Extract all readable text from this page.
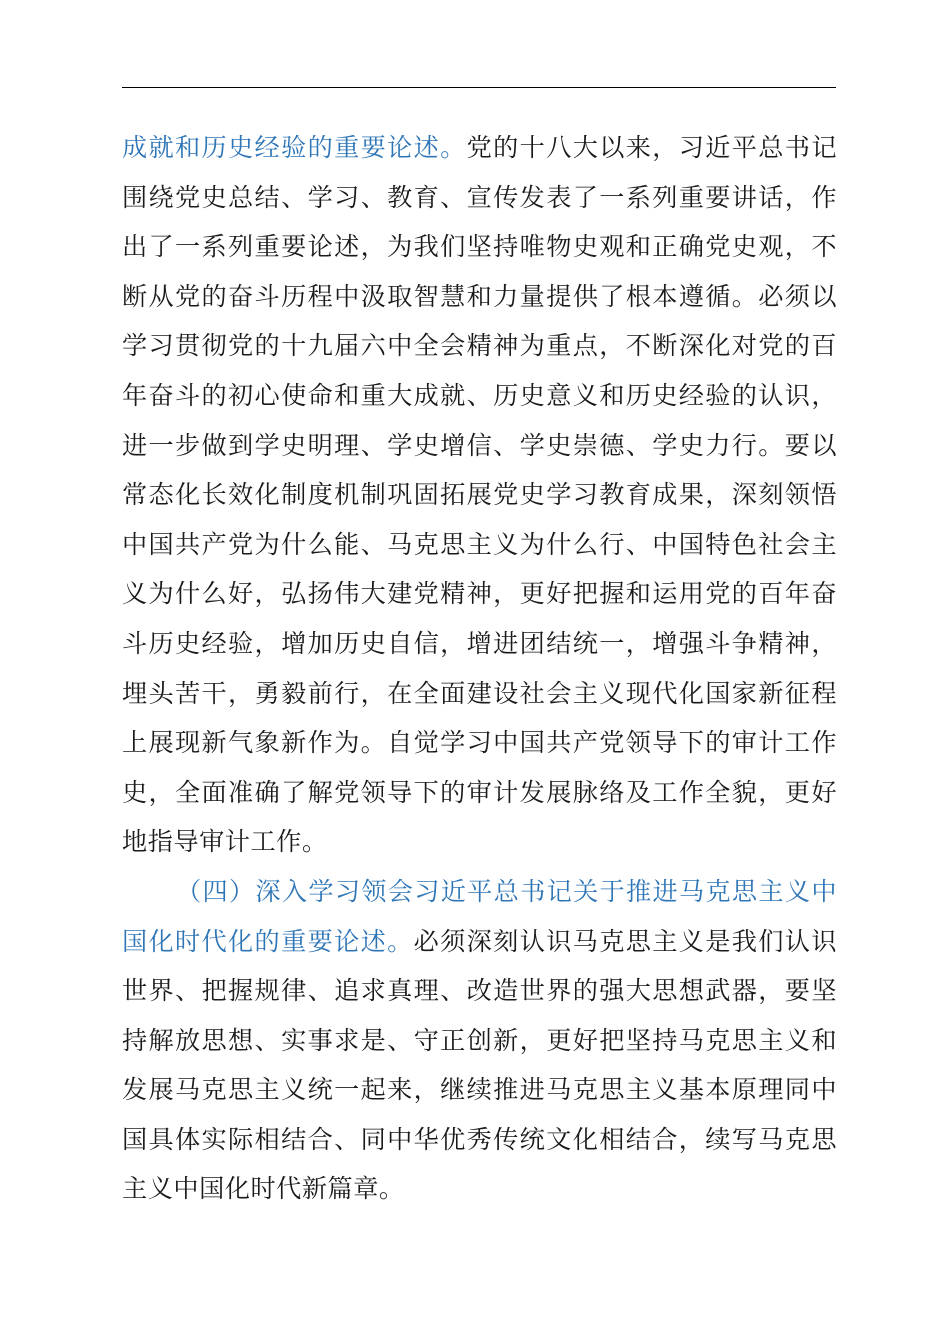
成就和历史经验的重要论述。党的十八大以来，习近平总书记围绕党史总结、学习、教育、宣传发表了一系列重要讲话，作出了一系列重要论述，为我们坚持唯物史观和正确党史观，不断从党的奋斗历程中汲取智慧和力量提供了根本遵循。必须以学习贯彻党的十九届六中全会精神为重点，不断深化对党的百年奋斗的初心使命和重大成就、历史意义和历史经验的认识，进一步做到学史明理、学史增信、学史崇德、学史力行。要以常态化长效化制度机制巩固拓展党史学习教育成果，深刻领悟中国共产党为什么能、马克思主义为什么行、中国特色社会主义为什么好，弘扬伟大建党精神，更好把握和运用党的百年奋斗历史经验，增加历史自信，增进团结统一，增强斗争精神，埋头苦干，勇毅前行，在全面建设社会主义现代化国家新征程上展现新气象新作为。自觉学习中国共产党领导下的审计工作史，全面准确了解党领导下的审计发展脉络及工作全貌，更好地指导审计工作。

（四）深入学习领会习近平总书记关于推进马克思主义中国化时代化的重要论述。必须深刻认识马克思主义是我们认识世界、把握规律、追求真理、改造世界的强大思想武器，要坚持解放思想、实事求是、守正创新，更好把坚持马克思主义和发展马克思主义统一起来，继续推进马克思主义基本原理同中国具体实际相结合、同中华优秀传统文化相结合，续写马克思主义中国化时代新篇章。
